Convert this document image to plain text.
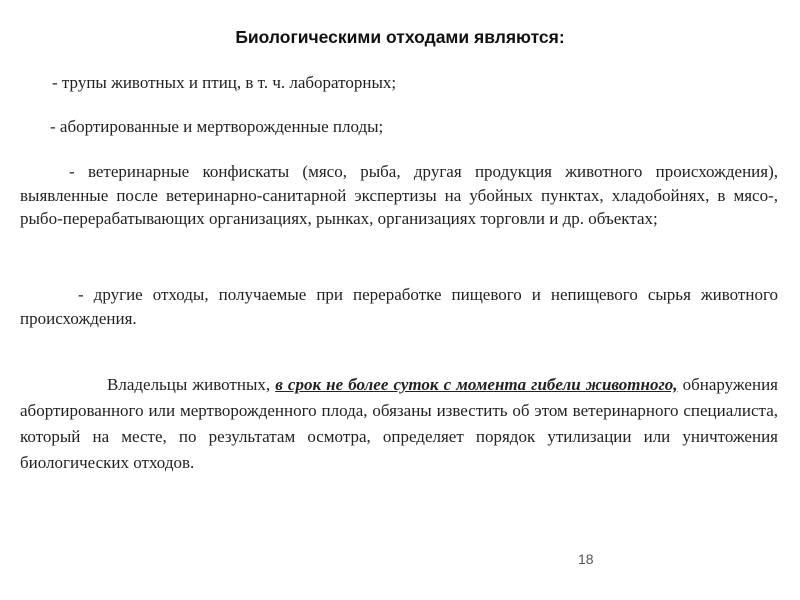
Биологическими отходами являются:
- трупы животных и птиц, в т. ч. лабораторных;
- абортированные и мертворожденные плоды;
- ветеринарные конфискаты (мясо, рыба, другая продукция животного происхождения), выявленные после ветеринарно-санитарной экспертизы на убойных пунктах, хладобойнях, в мясо-, рыбо-перерабатывающих организациях, рынках, организациях торговли и др. объектах;
- другие отходы, получаемые при переработке пищевого и непищевого сырья животного происхождения.
Владельцы животных, в срок не более суток с момента гибели животного, обнаружения абортированного или мертворожденного плода, обязаны известить об этом ветеринарного специалиста, который на месте, по результатам осмотра, определяет порядок утилизации или уничтожения биологических отходов.
18
